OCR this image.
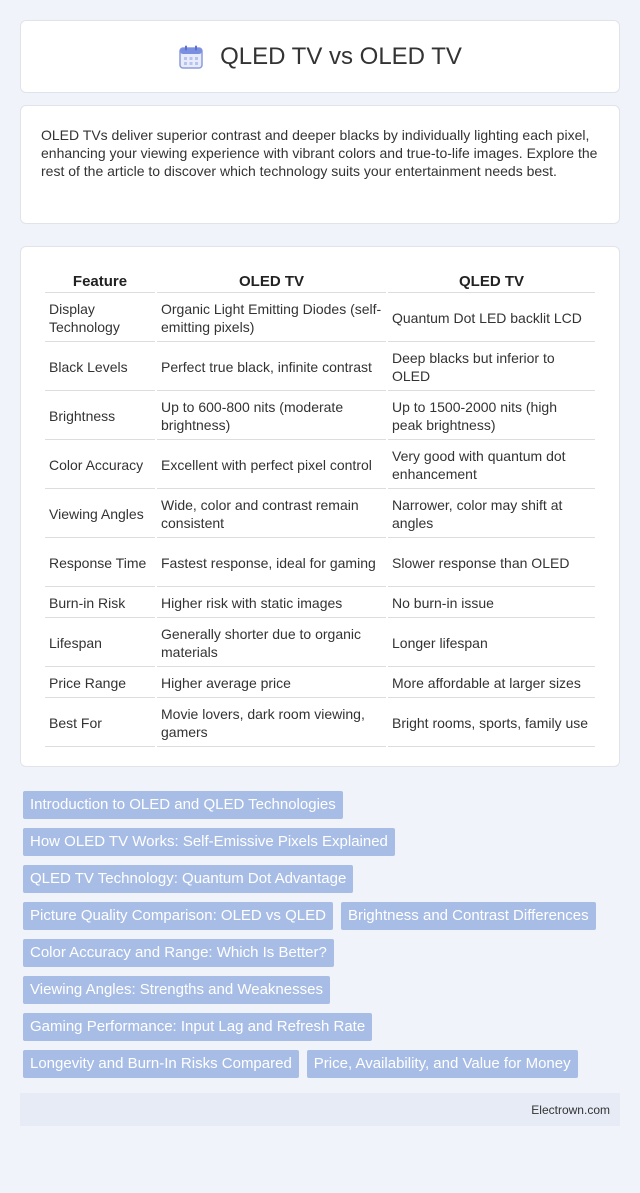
QLED TV vs OLED TV

OLED TVs deliver superior contrast and deeper blacks by individually lighting each pixel, enhancing your viewing experience with vibrant colors and true-to-life images. Explore the rest of the article to discover which technology suits your entertainment needs best.

Feature	OLED TV	QLED TV
Display Technology	Organic Light Emitting Diodes (self-emitting pixels)	Quantum Dot LED backlit LCD
Black Levels	Perfect true black, infinite contrast	Deep blacks but inferior to OLED
Brightness	Up to 600-800 nits (moderate brightness)	Up to 1500-2000 nits (high peak brightness)
Color Accuracy	Excellent with perfect pixel control	Very good with quantum dot enhancement
Viewing Angles	Wide, color and contrast remain consistent	Narrower, color may shift at angles
Response Time	Fastest response, ideal for gaming	Slower response than OLED
Burn-in Risk	Higher risk with static images	No burn-in issue
Lifespan	Generally shorter due to organic materials	Longer lifespan
Price Range	Higher average price	More affordable at larger sizes
Best For	Movie lovers, dark room viewing, gamers	Bright rooms, sports, family use
Introduction to OLED and QLED Technologies
How OLED TV Works: Self-Emissive Pixels Explained
QLED TV Technology: Quantum Dot Advantage
Picture Quality Comparison: OLED vs QLED	Brightness and Contrast Differences
Color Accuracy and Range: Which Is Better?
Viewing Angles: Strengths and Weaknesses
Gaming Performance: Input Lag and Refresh Rate
Longevity and Burn-In Risks Compared	Price, Availability, and Value for Money
Electrown.com
